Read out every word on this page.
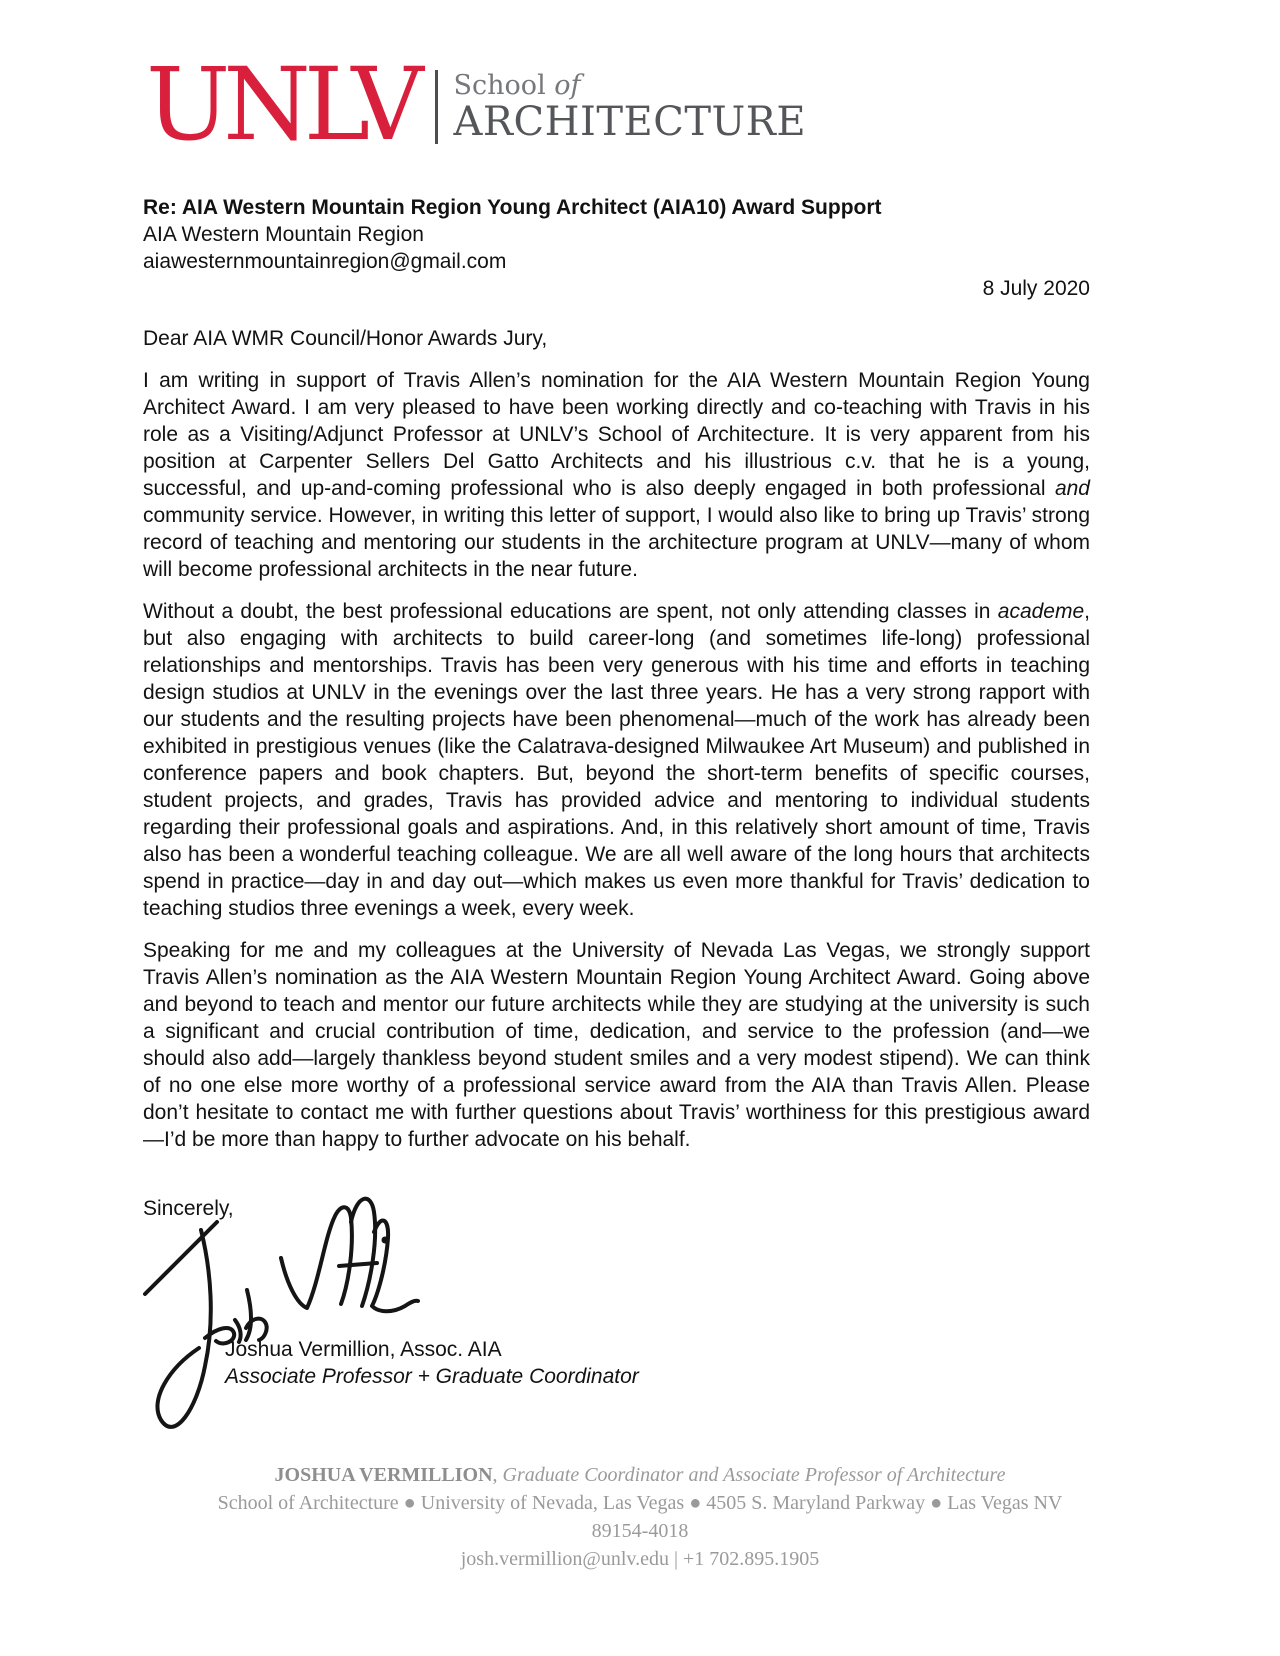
UNLV School of
ARCHITECTURE
Re: AIA Western Mountain Region Young Architect (AIA10) Award Support
AIA Western Mountain Region
aiawesternmountainregion@gmail.com
8 July 2020
Dear AIA WMR Council/Honor Awards Jury,

I am writing in support of Travis Allen’s nomination for the AIA Western Mountain Region Young Architect Award. I am very pleased to have been working directly and co-teaching with Travis in his role as a Visiting/Adjunct Professor at UNLV’s School of Architecture. It is very apparent from his position at Carpenter Sellers Del Gatto Architects and his illustrious c.v. that he is a young, successful, and up-and-coming professional who is also deeply engaged in both professional and community service. However, in writing this letter of support, I would also like to bring up Travis’ strong record of teaching and mentoring our students in the architecture program at UNLV—many of whom will become professional architects in the near future.

Without a doubt, the best professional educations are spent, not only attending classes in academe, but also engaging with architects to build career-long (and sometimes life-long) professional relationships and mentorships. Travis has been very generous with his time and efforts in teaching design studios at UNLV in the evenings over the last three years. He has a very strong rapport with our students and the resulting projects have been phenomenal—much of the work has already been exhibited in prestigious venues (like the Calatrava-designed Milwaukee Art Museum) and published in conference papers and book chapters. But, beyond the short-term benefits of specific courses, student projects, and grades, Travis has provided advice and mentoring to individual students regarding their professional goals and aspirations. And, in this relatively short amount of time, Travis also has been a wonderful teaching colleague. We are all well aware of the long hours that architects spend in practice—day in and day out—which makes us even more thankful for Travis’ dedication to teaching studios three evenings a week, every week.

Speaking for me and my colleagues at the University of Nevada Las Vegas, we strongly support Travis Allen’s nomination as the AIA Western Mountain Region Young Architect Award. Going above and beyond to teach and mentor our future architects while they are studying at the university is such a significant and crucial contribution of time, dedication, and service to the profession (and—we should also add—largely thankless beyond student smiles and a very modest stipend). We can think of no one else more worthy of a professional service award from the AIA than Travis Allen. Please don’t hesitate to contact me with further questions about Travis’ worthiness for this prestigious award—I’d be more than happy to further advocate on his behalf.

Sincerely,
Joshua Vermillion, Assoc. AIA
Associate Professor + Graduate Coordinator
JOSHUA VERMILLION, Graduate Coordinator and Associate Professor of Architecture
School of Architecture ● University of Nevada, Las Vegas ● 4505 S. Maryland Parkway ● Las Vegas NV
89154-4018
josh.vermillion@unlv.edu | +1 702.895.1905
